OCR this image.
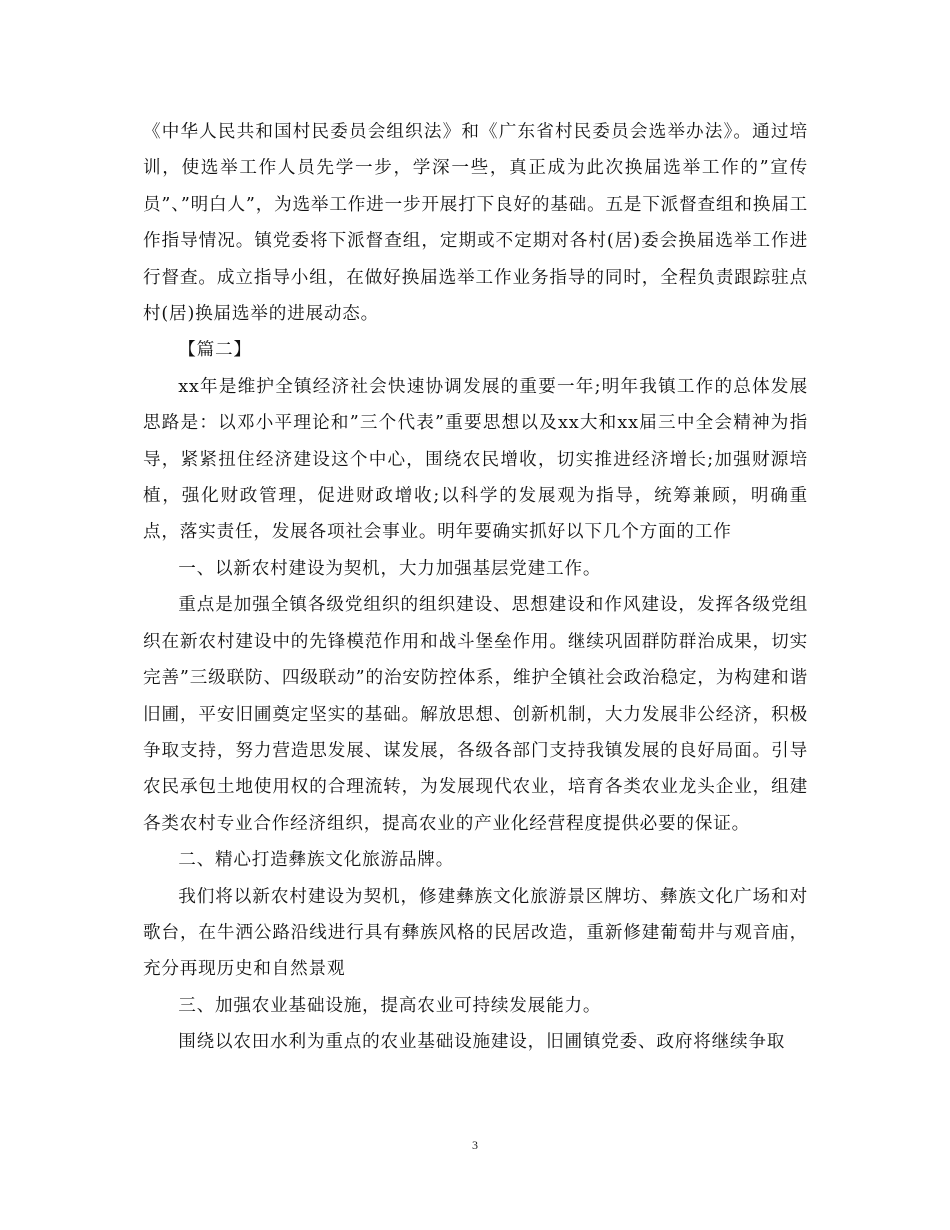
《中华人民共和国村民委员会组织法》和《广东省村民委员会选举办法》。通过培训，使选举工作人员先学一步，学深一些，真正成为此次换届选举工作的”宣传员”、”明白人”，为选举工作进一步开展打下良好的基础。五是下派督查组和换届工作指导情况。镇党委将下派督查组，定期或不定期对各村(居)委会换届选举工作进行督查。成立指导小组，在做好换届选举工作业务指导的同时，全程负责跟踪驻点村(居)换届选举的进展动态。

【篇二】

xx年是维护全镇经济社会快速协调发展的重要一年;明年我镇工作的总体发展思路是：以邓小平理论和”三个代表”重要思想以及xx大和xx届三中全会精神为指导，紧紧扭住经济建设这个中心，围绕农民增收，切实推进经济增长;加强财源培植，强化财政管理，促进财政增收;以科学的发展观为指导，统筹兼顾，明确重点，落实责任，发展各项社会事业。明年要确实抓好以下几个方面的工作

一、以新农村建设为契机，大力加强基层党建工作。

重点是加强全镇各级党组织的组织建设、思想建设和作风建设，发挥各级党组织在新农村建设中的先锋模范作用和战斗堡垒作用。继续巩固群防群治成果，切实完善”三级联防、四级联动”的治安防控体系，维护全镇社会政治稳定，为构建和谐旧圃，平安旧圃奠定坚实的基础。解放思想、创新机制，大力发展非公经济，积极争取支持，努力营造思发展、谋发展，各级各部门支持我镇发展的良好局面。引导农民承包土地使用权的合理流转，为发展现代农业，培育各类农业龙头企业，组建各类农村专业合作经济组织，提高农业的产业化经营程度提供必要的保证。

二、精心打造彝族文化旅游品牌。

我们将以新农村建设为契机，修建彝族文化旅游景区牌坊、彝族文化广场和对歌台，在牛洒公路沿线进行具有彝族风格的民居改造，重新修建葡萄井与观音庙，充分再现历史和自然景观

三、加强农业基础设施，提高农业可持续发展能力。

围绕以农田水利为重点的农业基础设施建设，旧圃镇党委、政府将继续争取

3
